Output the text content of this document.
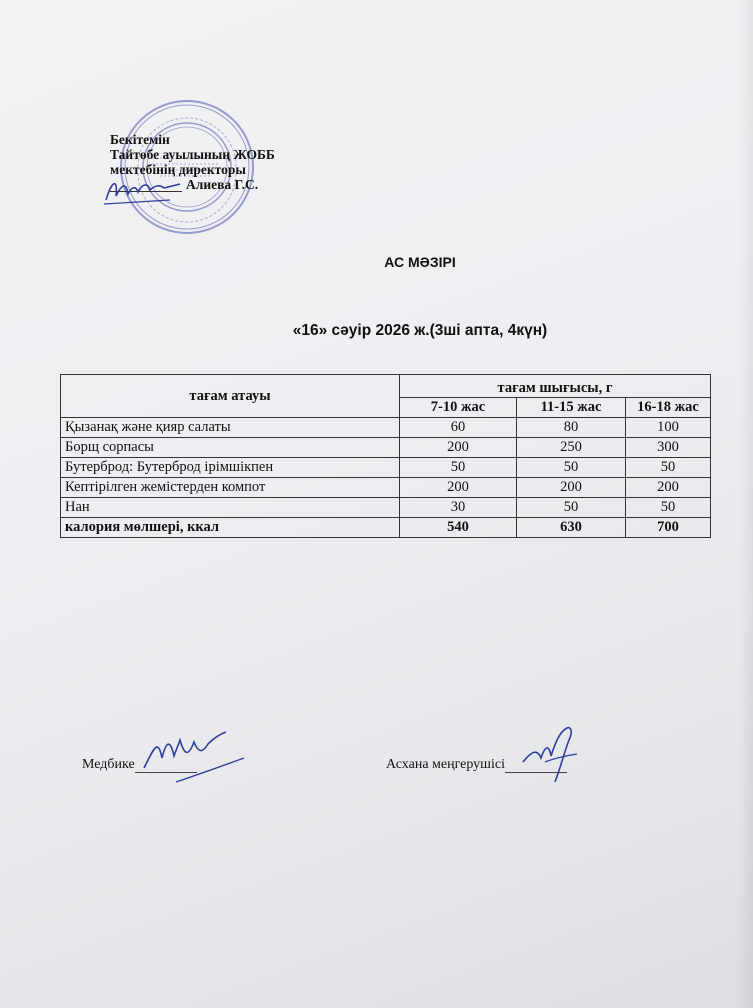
Бекітемін
Тайтөбе ауылының ЖОББ
мектебінің директоры
Алиева Г.С.
АС МӘЗІРІ
«16» сәуір 2026 ж.(3ші апта, 4күн)
тағам атауы	тағам шығысы, г		
	7-10 жас	11-15 жас	16-18 жас
Қызанақ және қияр салаты	60	80	100
Борщ сорпасы	200	250	300
Бутерброд: Бутерброд ірімшікпен	50	50	50
Кептірілген жемістерден компот	200	200	200
Нан	30	50	50
калория мөлшері, ккал	540	630	700
Медбике	Асхана меңгерушісі
